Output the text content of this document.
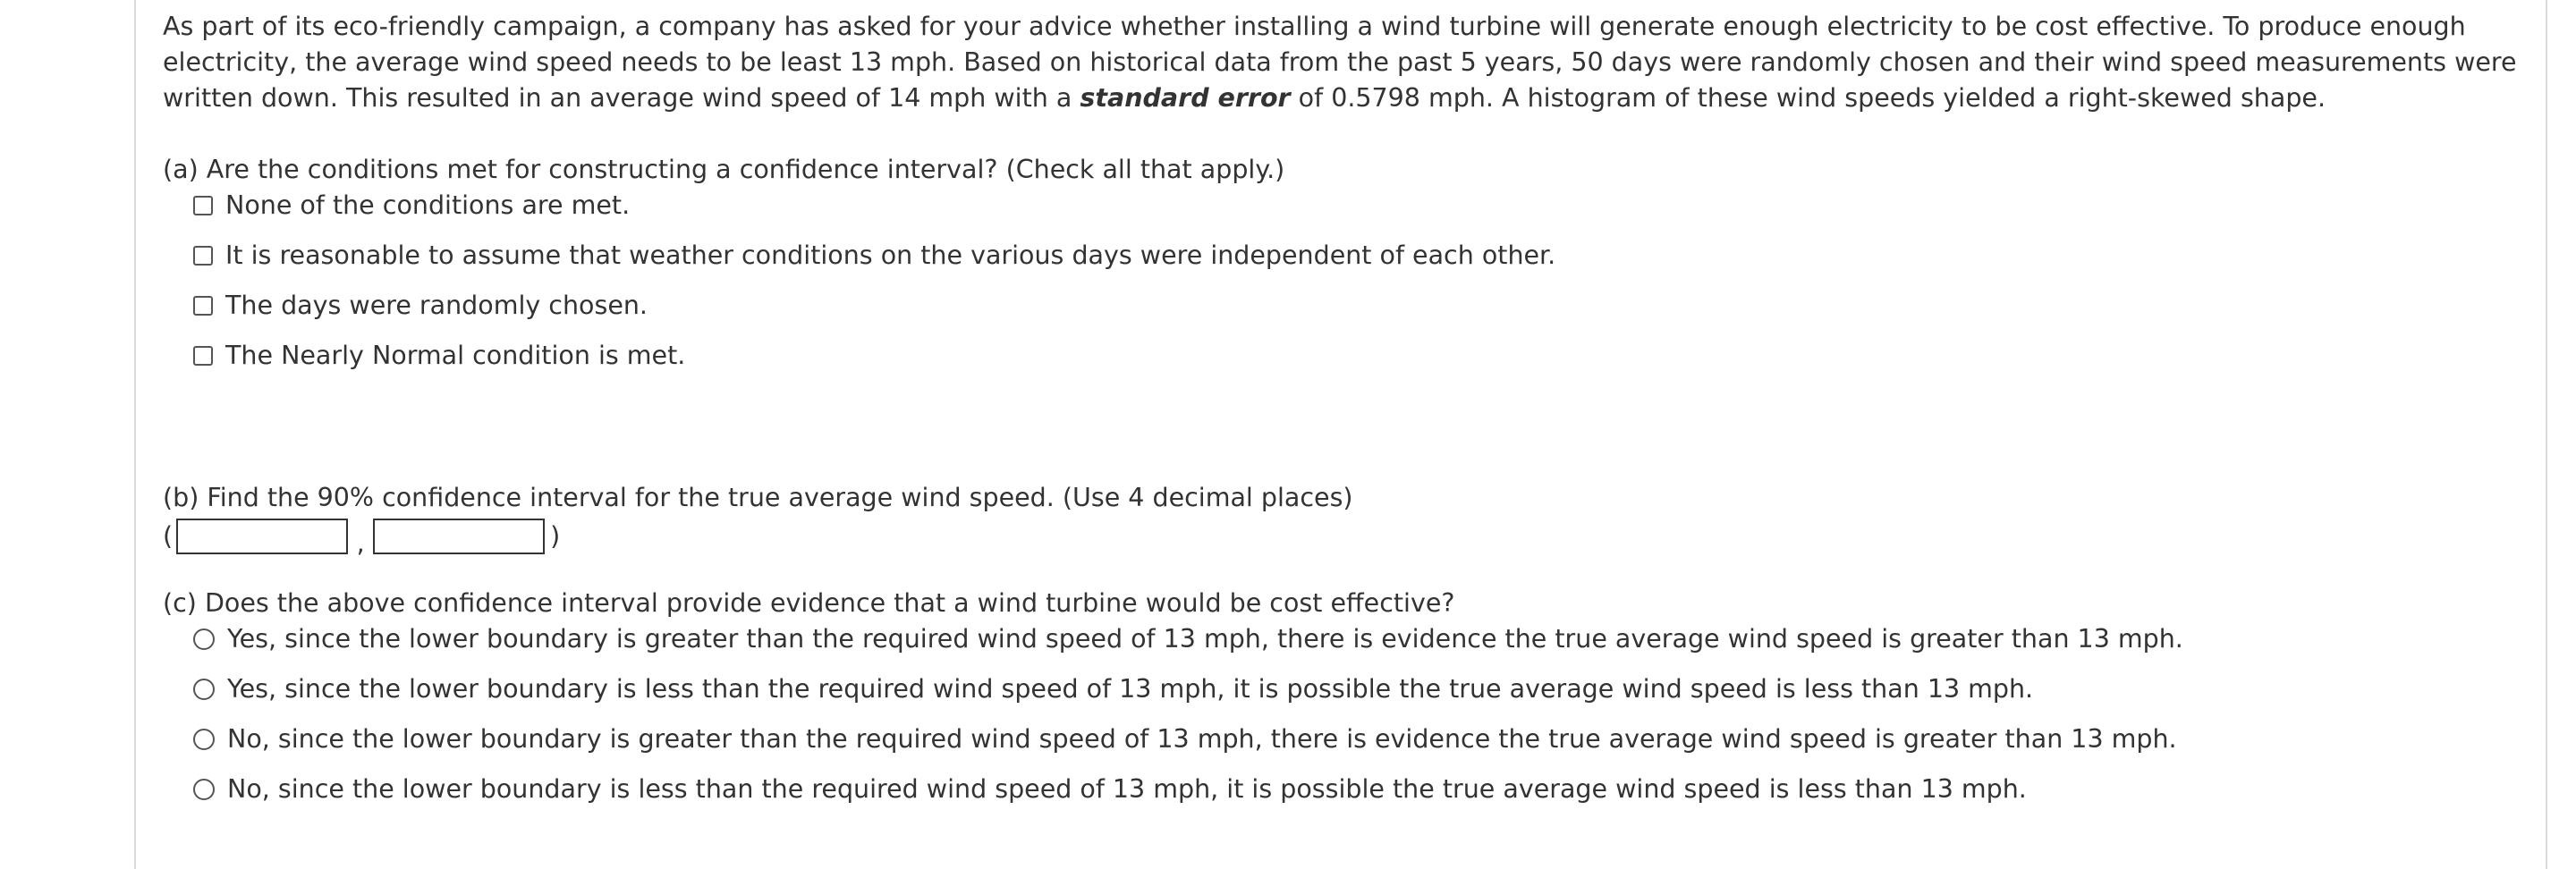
As part of its eco-friendly campaign, a company has asked for your advice whether installing a wind turbine will generate enough electricity to be cost effective. To produce enough electricity, the average wind speed needs to be least 13 mph. Based on historical data from the past 5 years, 50 days were randomly chosen and their wind speed measurements were written down. This resulted in an average wind speed of 14 mph with a standard error of 0.5798 mph. A histogram of these wind speeds yielded a right-skewed shape.

(a) Are the conditions met for constructing a confidence interval? (Check all that apply.)

None of the conditions are met.
It is reasonable to assume that weather conditions on the various days were independent of each other.
The days were randomly chosen.
The Nearly Normal condition is met.

(b) Find the 90% confidence interval for the true average wind speed. (Use 4 decimal places)

(	,	)

(c) Does the above confidence interval provide evidence that a wind turbine would be cost effective?

Yes, since the lower boundary is greater than the required wind speed of 13 mph, there is evidence the true average wind speed is greater than 13 mph.
Yes, since the lower boundary is less than the required wind speed of 13 mph, it is possible the true average wind speed is less than 13 mph.
No, since the lower boundary is greater than the required wind speed of 13 mph, there is evidence the true average wind speed is greater than 13 mph.
No, since the lower boundary is less than the required wind speed of 13 mph, it is possible the true average wind speed is less than 13 mph.
